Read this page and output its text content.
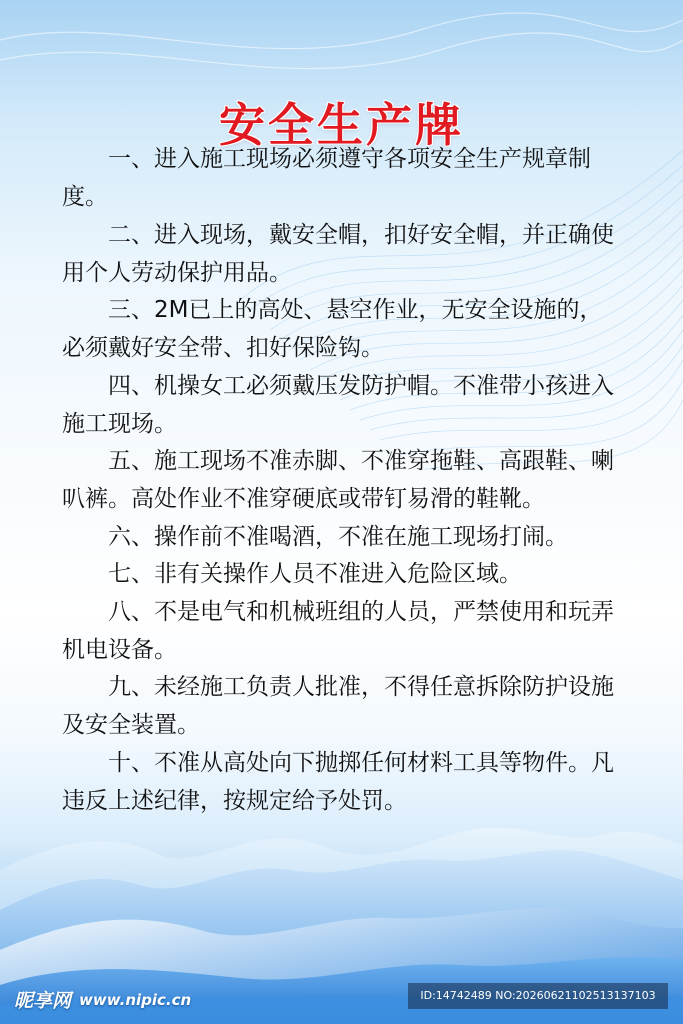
安全生产牌
一、进入施工现场必须遵守各项安全生产规章制度。
二、进入现场，戴安全帽，扣好安全帽，并正确使用个人劳动保护用品。
三、2M已上的高处、悬空作业，无安全设施的，必须戴好安全带、扣好保险钩。
四、机操女工必须戴压发防护帽。不准带小孩进入施工现场。
五、施工现场不准赤脚、不准穿拖鞋、高跟鞋、喇叭裤。高处作业不准穿硬底或带钉易滑的鞋靴。
六、操作前不准喝酒，不准在施工现场打闹。
七、非有关操作人员不准进入危险区域。
八、不是电气和机械班组的人员，严禁使用和玩弄机电设备。
九、未经施工负责人批准，不得任意拆除防护设施及安全装置。
十、不准从高处向下抛掷任何材料工具等物件。凡违反上述纪律，按规定给予处罚。
昵享网 www.nipic.cn	ID:14742489 NO:20260621102513137103
